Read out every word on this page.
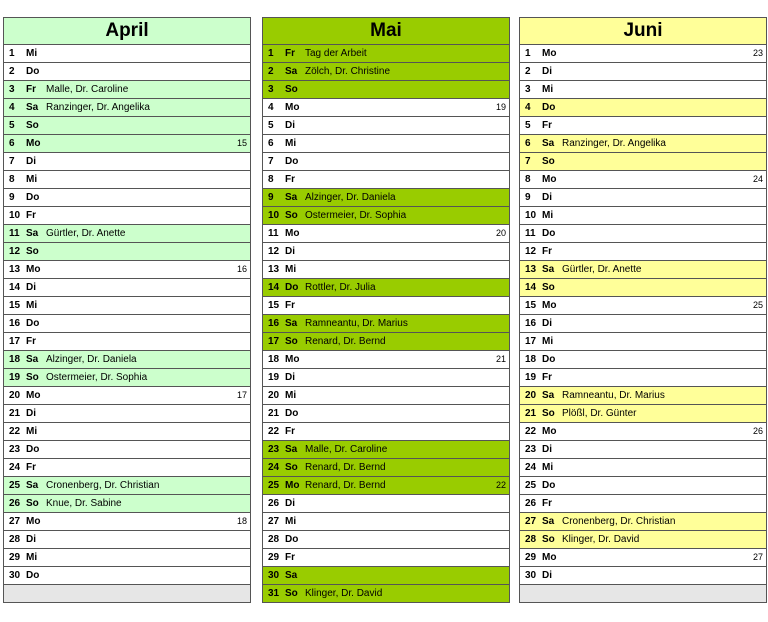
April
1 Mi
2 Do
3 Fr Malle, Dr. Caroline
4 Sa Ranzinger, Dr. Angelika
5 So
6 Mo	15
7 Di
8 Mi
9 Do
10 Fr
11 Sa Gürtler, Dr. Anette
12 So
13 Mo	16
14 Di
15 Mi
16 Do
17 Fr
18 Sa Alzinger, Dr. Daniela
19 So Ostermeier, Dr. Sophia
20 Mo	17
21 Di
22 Mi
23 Do
24 Fr
25 Sa Cronenberg, Dr. Christian
26 So Knue, Dr. Sabine
27 Mo	18
28 Di
29 Mi
30 Do
Mai
1 Fr Tag der Arbeit
2 Sa Zölch, Dr. Christine
3 So
4 Mo	19
5 Di
6 Mi
7 Do
8 Fr
9 Sa Alzinger, Dr. Daniela
10 So Ostermeier, Dr. Sophia
11 Mo	20
12 Di
13 Mi
14 Do Rottler, Dr. Julia
15 Fr
16 Sa Ramneantu, Dr. Marius
17 So Renard, Dr. Bernd
18 Mo	21
19 Di
20 Mi
21 Do
22 Fr
23 Sa Malle, Dr. Caroline
24 So Renard, Dr. Bernd
25 Mo Renard, Dr. Bernd	22
26 Di
27 Mi
28 Do
29 Fr
30 Sa
31 So Klinger, Dr. David
Juni
1 Mo	23
2 Di
3 Mi
4 Do
5 Fr
6 Sa Ranzinger, Dr. Angelika
7 So
8 Mo	24
9 Di
10 Mi
11 Do
12 Fr
13 Sa Gürtler, Dr. Anette
14 So
15 Mo	25
16 Di
17 Mi
18 Do
19 Fr
20 Sa Ramneantu, Dr. Marius
21 So Plößl, Dr. Günter
22 Mo	26
23 Di
24 Mi
25 Do
26 Fr
27 Sa Cronenberg, Dr. Christian
28 So Klinger, Dr. David
29 Mo	27
30 Di
